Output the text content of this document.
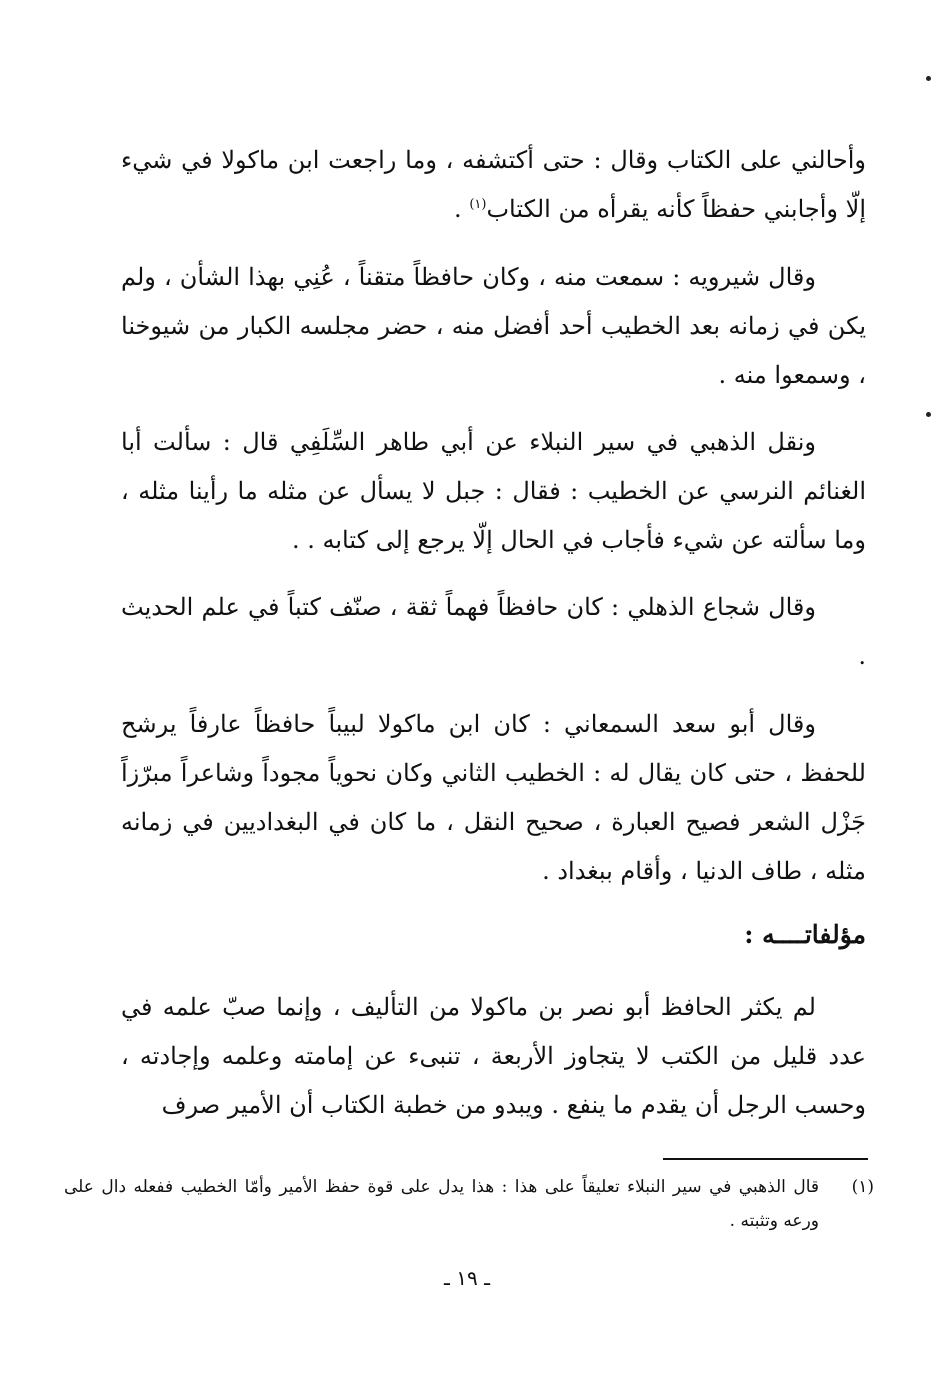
وأحالني على الكتاب وقال : حتى أكتشفه ، وما راجعت ابن ماكولا في شيء إلّا وأجابني حفظاً كأنه يقرأه من الكتاب$^{(١)}$ .

وقال شيرويه : سمعت منه ، وكان حافظاً متقناً ، عُنِي بهذا الشأن ، ولم يكن في زمانه بعد الخطيب أحد أفضل منه ، حضر مجلسه الكبار من شيوخنا ، وسمعوا منه .

ونقل الذهبي في سير النبلاء عن أبي طاهر السِّلَفِي قال : سألت أبا الغنائم النرسي عن الخطيب : فقال : جبل لا يسأل عن مثله ما رأينا مثله ، وما سألته عن شيء فأجاب في الحال إلّا يرجع إلى كتابه . .

وقال شجاع الذهلي : كان حافظاً فهماً ثقة ، صنّف كتباً في علم الحديث .

وقال أبو سعد السمعاني : كان ابن ماكولا لبيباً حافظاً عارفاً يرشح للحفظ ، حتى كان يقال له : الخطيب الثاني وكان نحوياً مجوداً وشاعراً مبرّزاً جَزْل الشعر فصيح العبارة ، صحيح النقل ، ما كان في البغداديين في زمانه مثله ، طاف الدنيا ، وأقام ببغداد .

مؤلفاتــــه :

لم يكثر الحافظ أبو نصر بن ماكولا من التأليف ، وإنما صبّ علمه في عدد قليل من الكتب لا يتجاوز الأربعة ، تنبىء عن إمامته وعلمه وإجادته ، وحسب الرجل أن يقدم ما ينفع . ويبدو من خطبة الكتاب أن الأمير صرف

(١)
قال الذهبي في سير النبلاء تعليقاً على هذا : هذا يدل على قوة حفظ الأمير وأمّا الخطيب ففعله دال على ورعه وتثبته .
ـ ١٩ ـ
